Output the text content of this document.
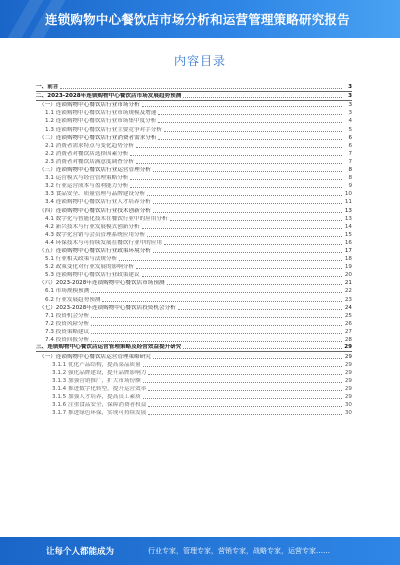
连锁购物中心餐饮店市场分析和运营管理策略研究报告
内容目录
一、前言	3
二、2023-2028年连锁购物中心餐饮店市场发展趋势预测	3
（一）连锁购物中心餐饮店行业市场分析	3
1.1 连锁购物中心餐饮店行业市场规模及增速	3
1.2 连锁购物中心餐饮店行业市场集中度分析	4
1.3 连锁购物中心餐饮店行业主要竞争对手分析	5
（二）连锁购物中心餐饮店行业消费者需求分析	6
2.1 消费者需求特点与变化趋势分析	6
2.2 消费者对餐饮店选择因素分析	7
2.3 消费者对餐饮店满意度调查分析	7
（三）连锁购物中心餐饮店行业运营管理分析	8
3.1 运营模式与经营管理策略分析	8
3.2 行业运营成本与盈利能力分析	9
3.3 食品安全、质量管理与品牌建设分析	10
3.4 连锁购物中心餐饮店行业人才培养分析	11
（四）连锁购物中心餐饮店行业技术创新分析	13
4.1 数字化与智能化技术在餐饮行业中的应用分析	13
4.2 新兴技术与行业发展模式创新分析	14
4.3 数字化营销与会员管理系统应用分析	15
4.4 环保技术与可持续发展在餐饮行业中的应用	16
（五）连锁购物中心餐饮店行业政策环境分析	17
5.1 行业相关政策与法规分析	18
5.2 政策变化对行业发展的影响分析	19
5.3 连锁购物中心餐饮店行业政策建议	20
（六）2023-2028年连锁购物中心餐饮店市场预测	21
6.1 市场规模预测	22
6.2 行业发展趋势预测	23
（七）2023-2028年连锁购物中心餐饮店投资机会分析	24
7.1 投资机会分析	25
7.2 投资风险分析	26
7.3 投资策略建议	27
7.4 投资回报分析	28
三、连锁购物中心餐饮店运营管理策略及经营效益提升研究	29
（一）连锁购物中心餐饮店运营管理策略研究	29
3.1.1 优化产品结构，提高菜品质量	29
3.1.2 强化品牌建设，提升品牌影响力	29
3.1.3 加强营销推广，扩大市场份额	29
3.1.4 推进数字化转型，提升运营效率	29
3.1.5 加强人才培养，提高员工素质	29
3.1.6 注重食品安全，保障消费者权益	30
3.1.7 推进绿色环保，实现可持续发展	30
让每个人都能成为	行业专家，管理专家，营销专家，战略专家，运营专家……
